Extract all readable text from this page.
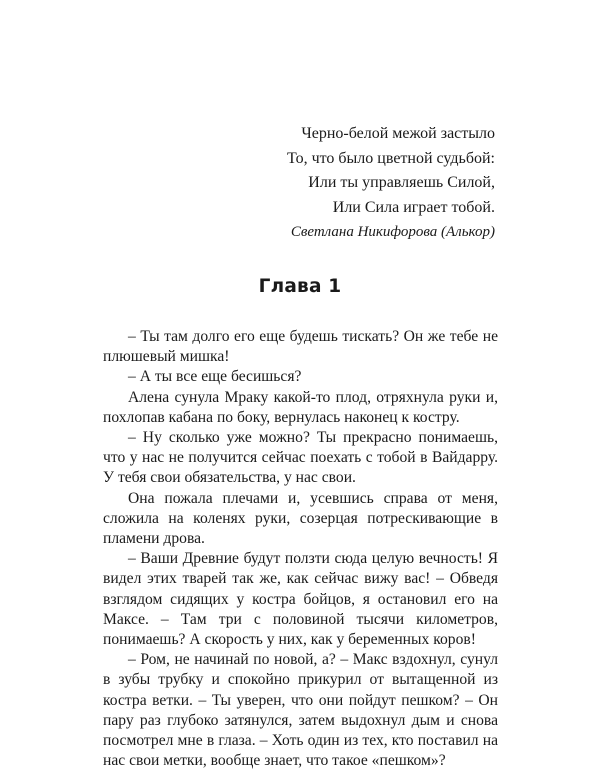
Черно-белой межой застыло
То, что было цветной судьбой:
Или ты управляешь Силой,
Или Сила играет тобой.
Светлана Никифорова (Алькор)
Глава 1

– Ты там долго его еще будешь тискать? Он же тебе не плюшевый мишка!

– А ты все еще бесишься?

Алена сунула Мраку какой-то плод, отряхнула руки и, похлопав кабана по боку, вернулась наконец к костру.

– Ну сколько уже можно? Ты прекрасно понимаешь, что у нас не получится сейчас поехать с тобой в Вайдарру. У тебя свои обязательства, у нас свои.

Она пожала плечами и, усевшись справа от меня, сложила на коленях руки, созерцая потрескивающие в пламени дрова.

– Ваши Древние будут ползти сюда целую вечность! Я видел этих тварей так же, как сейчас вижу вас! – Обведя взглядом сидящих у костра бойцов, я остановил его на Максе. – Там три с половиной тысячи километров, понимаешь? А скорость у них, как у беременных коров!

– Ром, не начинай по новой, а? – Макс вздохнул, сунул в зубы трубку и спокойно прикурил от вытащенной из костра ветки. – Ты уверен, что они пойдут пешком? – Он пару раз глубоко затянулся, затем выдохнул дым и снова посмотрел мне в глаза. – Хоть один из тех, кто поставил на нас свои метки, вообще знает, что такое «пешком»?
